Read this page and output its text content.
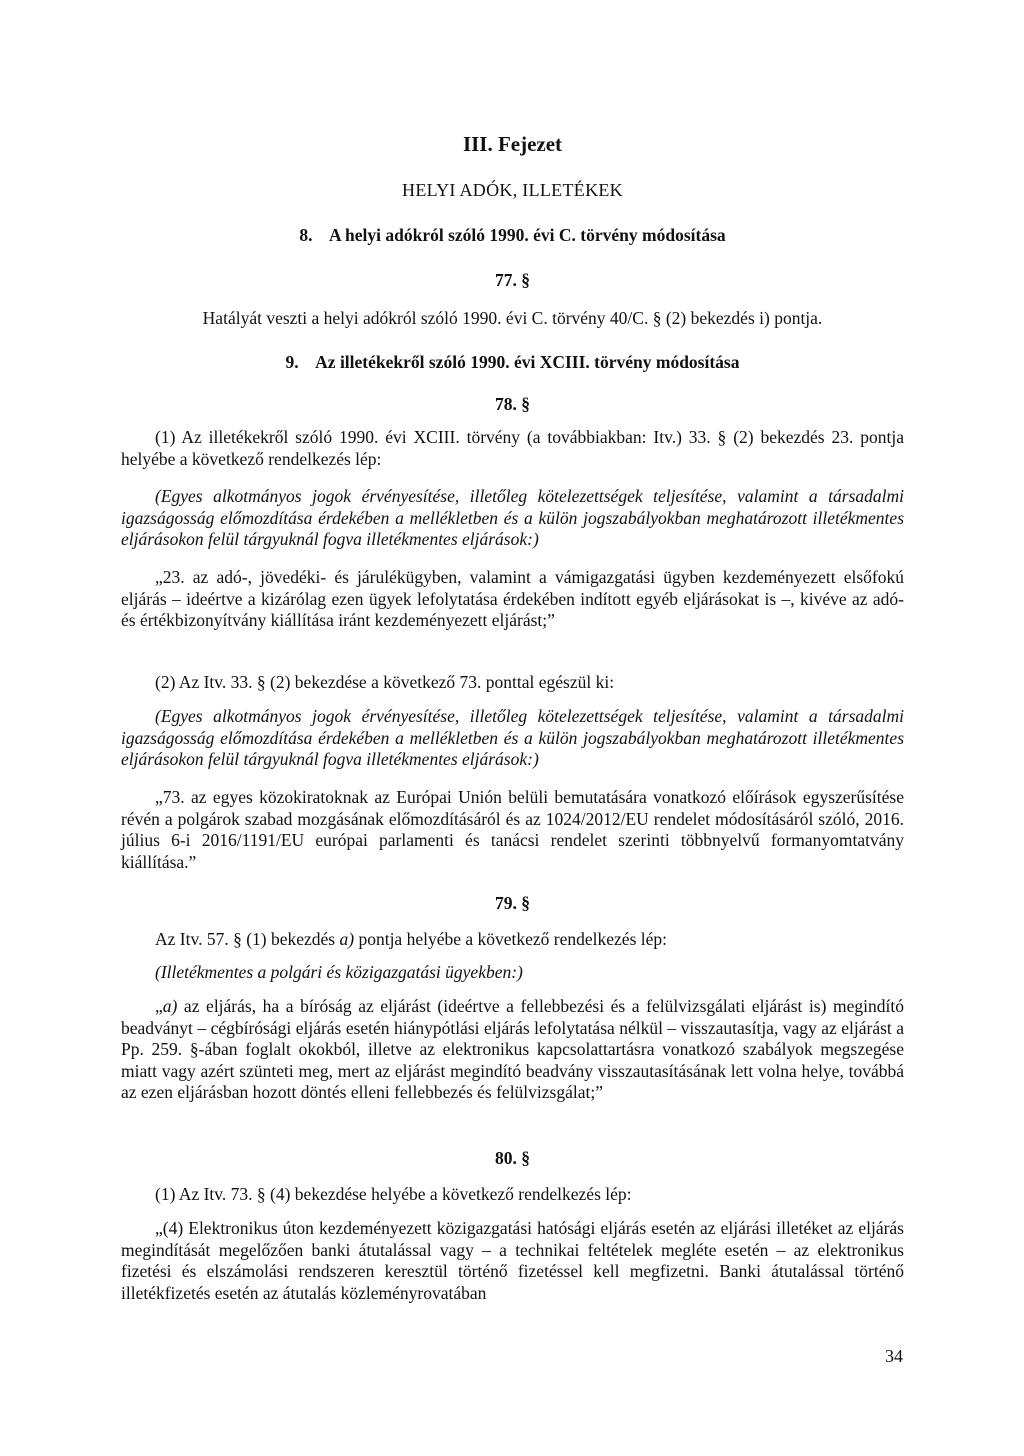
III. Fejezet
HELYI ADÓK, ILLETÉKEK
8.    A helyi adókról szóló 1990. évi C. törvény módosítása
77. §
Hatályát veszti a helyi adókról szóló 1990. évi C. törvény 40/C. § (2) bekezdés i) pontja.
9.    Az illetékekről szóló 1990. évi XCIII. törvény módosítása
78. §
(1) Az illetékekről szóló 1990. évi XCIII. törvény (a továbbiakban: Itv.) 33. § (2) bekezdés 23. pontja helyébe a következő rendelkezés lép:
(Egyes alkotmányos jogok érvényesítése, illetőleg kötelezettségek teljesítése, valamint a társadalmi igazságosság előmozdítása érdekében a mellékletben és a külön jogszabályokban meghatározott illetékmentes eljárásokon felül tárgyuknál fogva illetékmentes eljárások:)
„23. az adó-, jövedéki- és járulékügyben, valamint a vámigazgatási ügyben kezdeményezett elsőfokú eljárás – ideértve a kizárólag ezen ügyek lefolytatása érdekében indított egyéb eljárásokat is –, kivéve az adó- és értékbizonyítvány kiállítása iránt kezdeményezett eljárást;”
(2) Az Itv. 33. § (2) bekezdése a következő 73. ponttal egészül ki:
(Egyes alkotmányos jogok érvényesítése, illetőleg kötelezettségek teljesítése, valamint a társadalmi igazságosság előmozdítása érdekében a mellékletben és a külön jogszabályokban meghatározott illetékmentes eljárásokon felül tárgyuknál fogva illetékmentes eljárások:)
„73. az egyes közokiratoknak az Európai Unión belüli bemutatására vonatkozó előírások egyszerűsítése révén a polgárok szabad mozgásának előmozdításáról és az 1024/2012/EU rendelet módosításáról szóló, 2016. július 6-i 2016/1191/EU európai parlamenti és tanácsi rendelet szerinti többnyelvű formanyomtatvány kiállítása.”
79. §
Az Itv. 57. § (1) bekezdés a) pontja helyébe a következő rendelkezés lép:
(Illetékmentes a polgári és közigazgatási ügyekben:)
„a) az eljárás, ha a bíróság az eljárást (ideértve a fellebbezési és a felülvizsgálati eljárást is) megindító beadványt – cégbírósági eljárás esetén hiánypótlási eljárás lefolytatása nélkül – visszautasítja, vagy az eljárást a Pp. 259. §-ában foglalt okokból, illetve az elektronikus kapcsolattartásra vonatkozó szabályok megszegése miatt vagy azért szünteti meg, mert az eljárást megindító beadvány visszautasításának lett volna helye, továbbá az ezen eljárásban hozott döntés elleni fellebbezés és felülvizsgálat;”
80. §
(1) Az Itv. 73. § (4) bekezdése helyébe a következő rendelkezés lép:
„(4) Elektronikus úton kezdeményezett közigazgatási hatósági eljárás esetén az eljárási illetéket az eljárás megindítását megelőzően banki átutalással vagy – a technikai feltételek megléte esetén – az elektronikus fizetési és elszámolási rendszeren keresztül történő fizetéssel kell megfizetni. Banki átutalással történő illetékfizetés esetén az átutalás közleményrovatában
34
